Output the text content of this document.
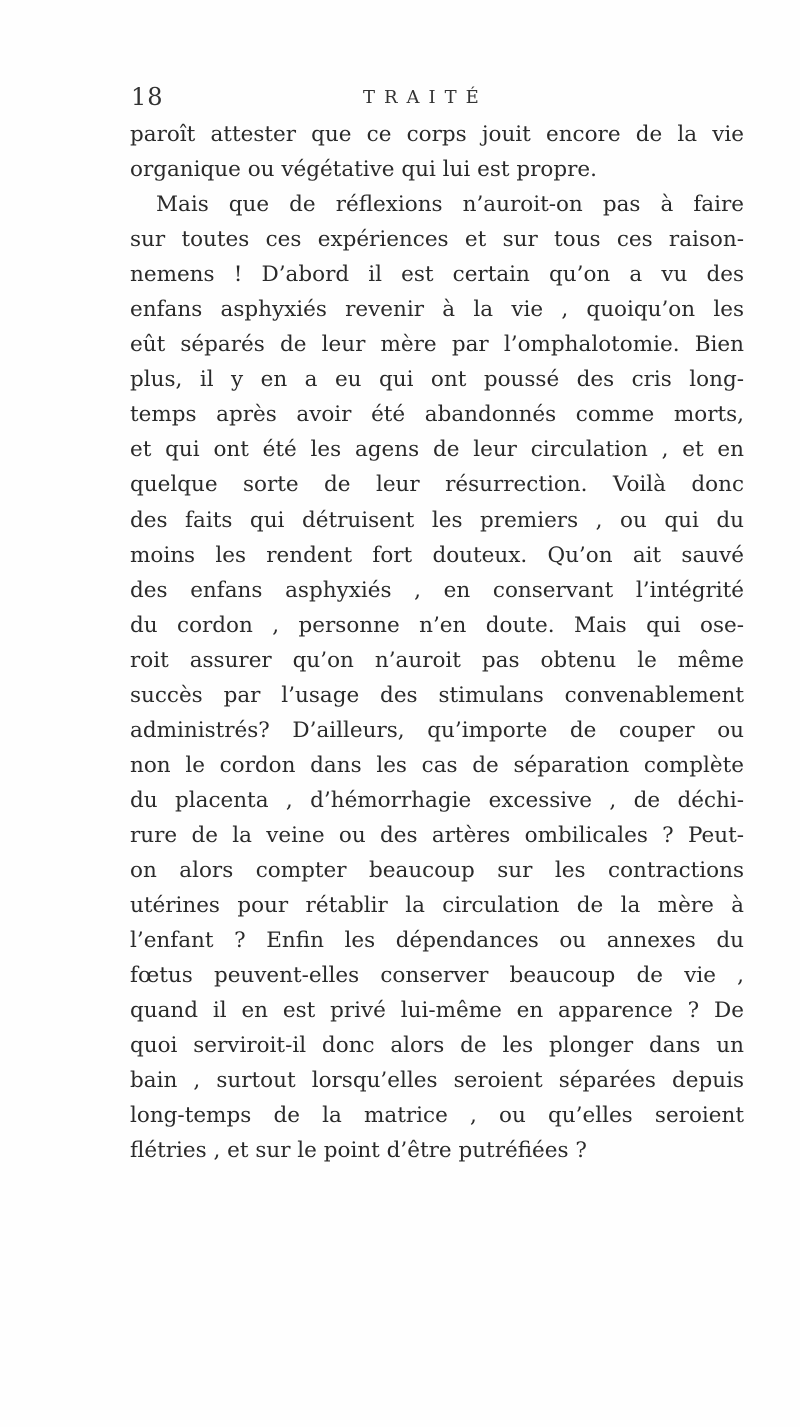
18	TRAITÉ
paroît attester que ce corps jouit encore de la vie
organique ou végétative qui lui est propre.
Mais que de réflexions n’auroit-on pas à faire
sur toutes ces expériences et sur tous ces raison-
nemens ! D’abord il est certain qu’on a vu des
enfans asphyxiés revenir à la vie , quoiqu’on les
eût séparés de leur mère par l’omphalotomie. Bien
plus, il y en a eu qui ont poussé des cris long-
temps après avoir été abandonnés comme morts,
et qui ont été les agens de leur circulation , et en
quelque sorte de leur résurrection. Voilà donc
des faits qui détruisent les premiers , ou qui du
moins les rendent fort douteux. Qu’on ait sauvé
des enfans asphyxiés , en conservant l’intégrité
du cordon , personne n’en doute. Mais qui ose-
roit assurer qu’on n’auroit pas obtenu le même
succès par l’usage des stimulans convenablement
administrés? D’ailleurs, qu’importe de couper ou
non le cordon dans les cas de séparation complète
du placenta , d’hémorrhagie excessive , de déchi-
rure de la veine ou des artères ombilicales ? Peut-
on alors compter beaucoup sur les contractions
utérines pour rétablir la circulation de la mère à
l’enfant ? Enfin les dépendances ou annexes du
fœtus peuvent-elles conserver beaucoup de vie ,
quand il en est privé lui-même en apparence ? De
quoi serviroit-il donc alors de les plonger dans un
bain , surtout lorsqu’elles seroient séparées depuis
long-temps de la matrice , ou qu’elles seroient
flétries , et sur le point d’être putréfiées ?
